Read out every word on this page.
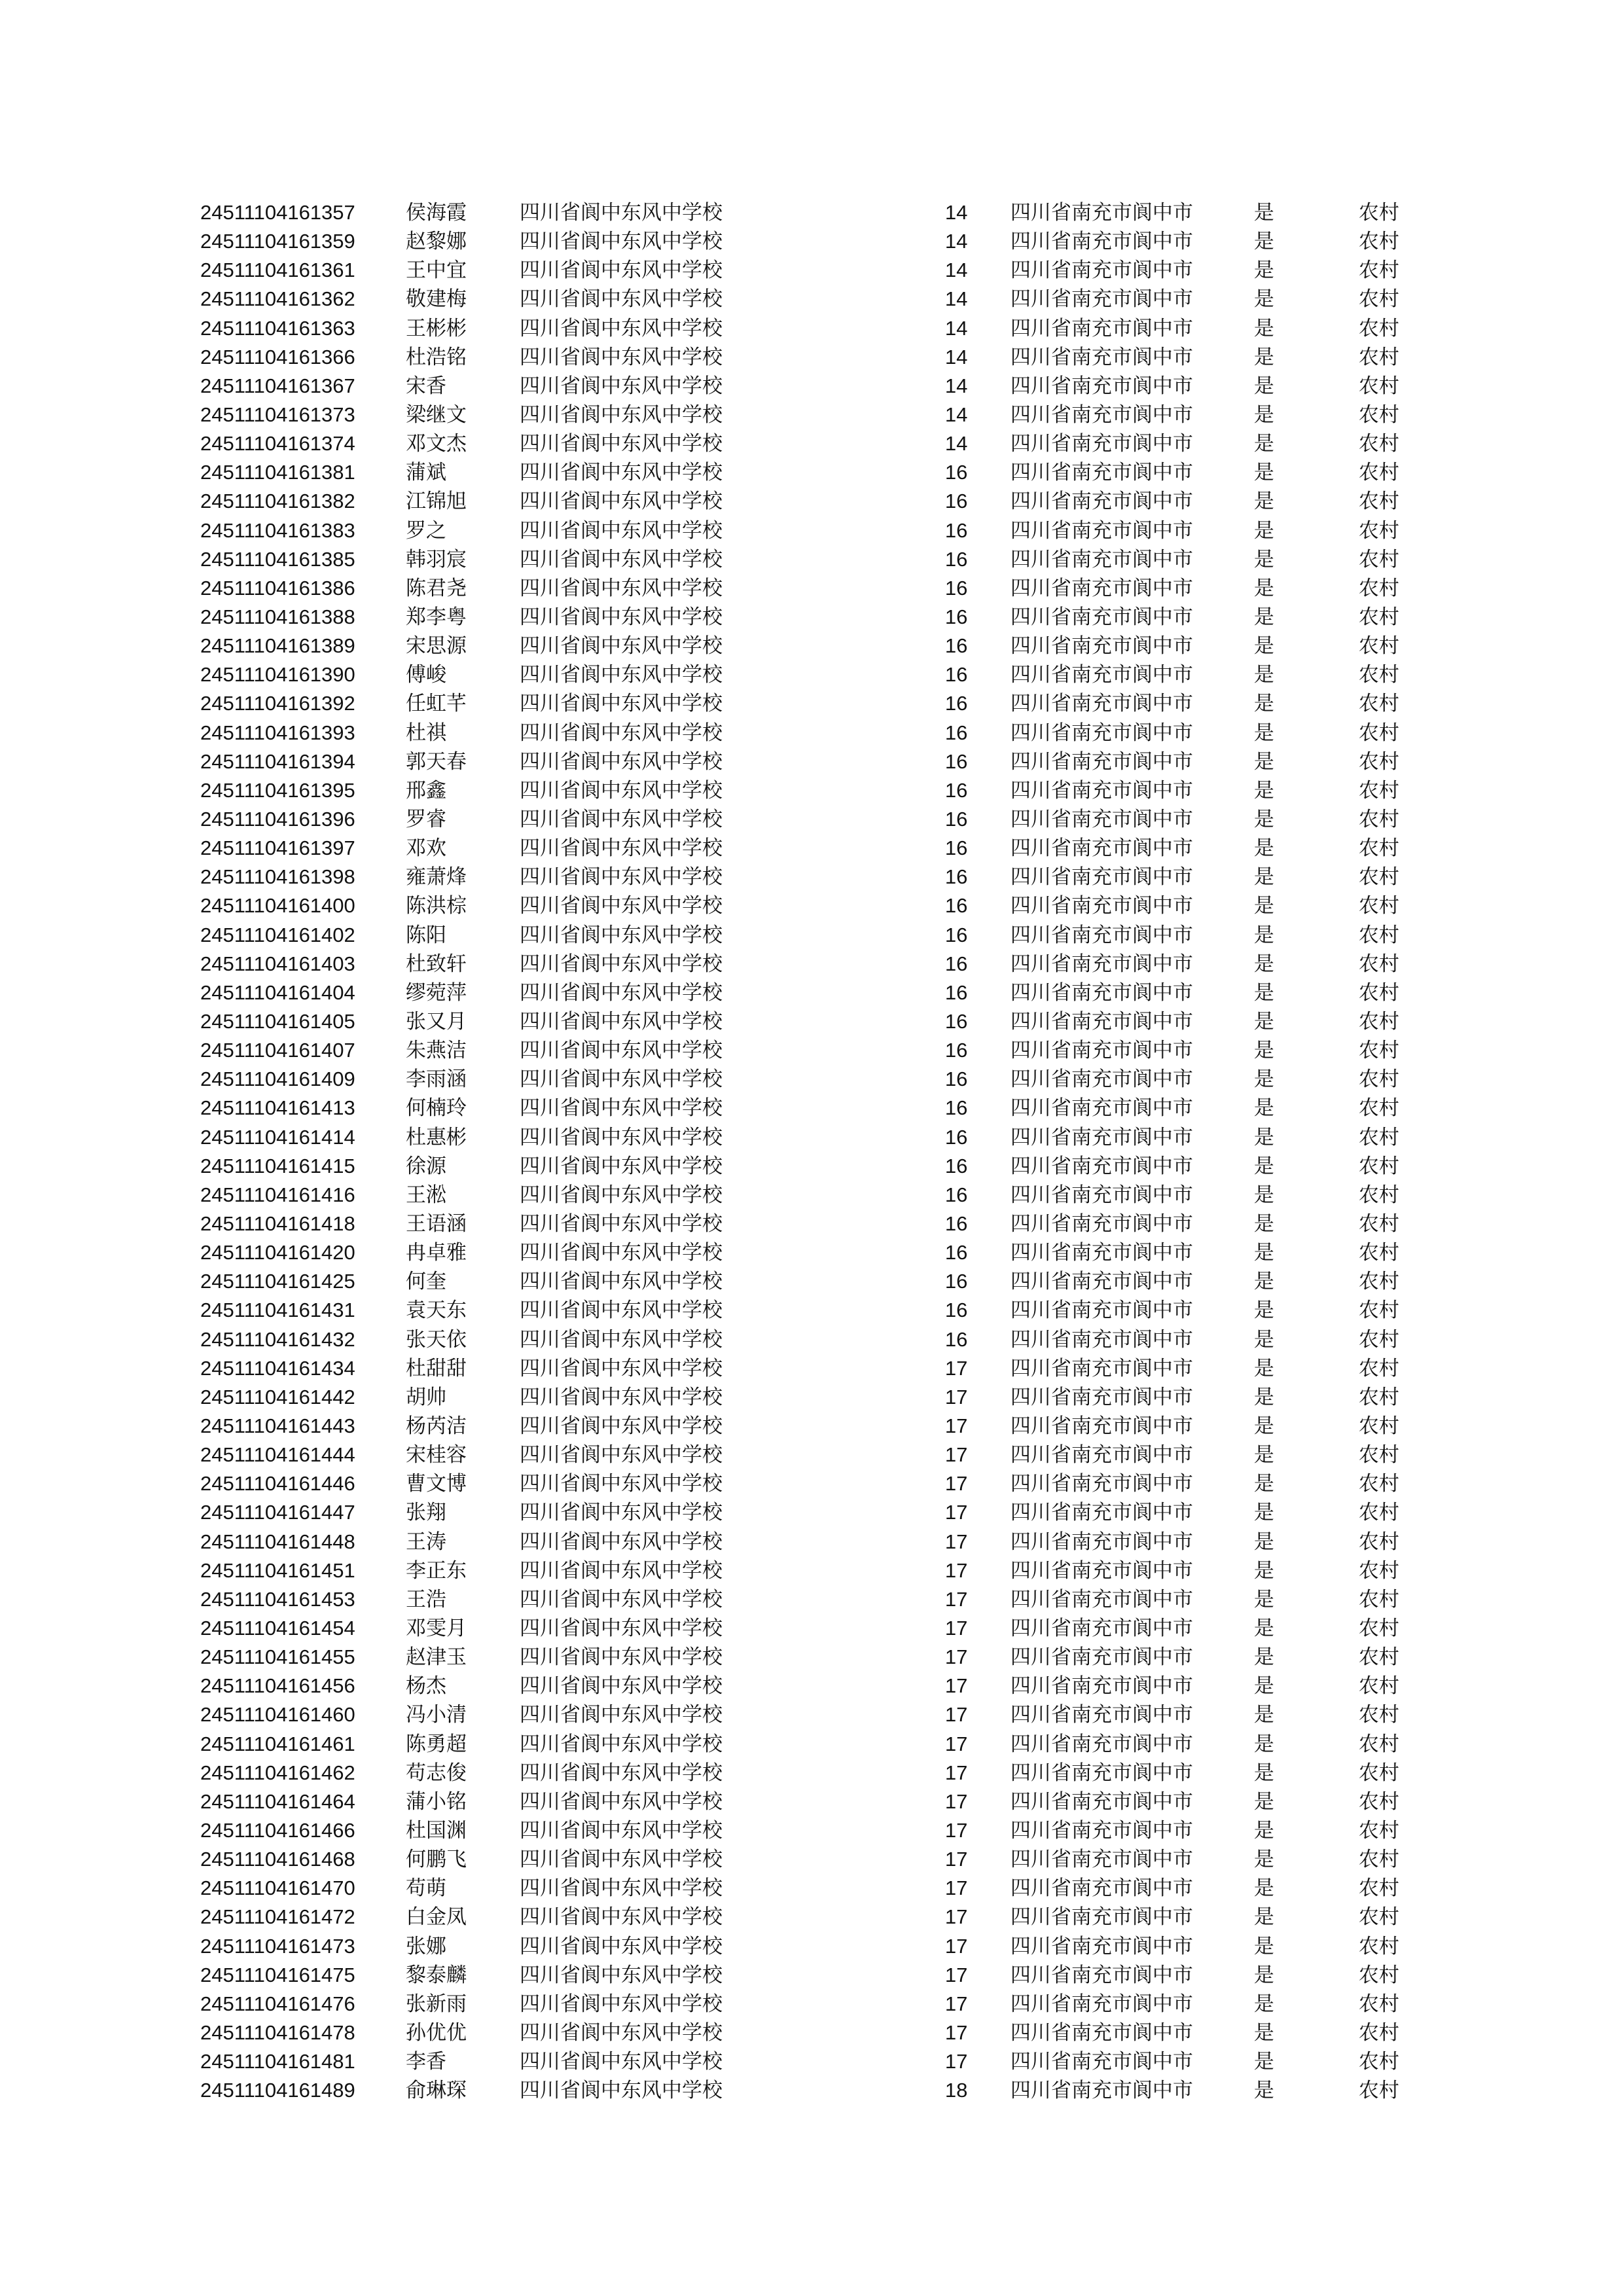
24511104161357	侯海霞	四川省阆中东风中学校	14	四川省南充市阆中市	是	农村
24511104161359	赵黎娜	四川省阆中东风中学校	14	四川省南充市阆中市	是	农村
24511104161361	王中宜	四川省阆中东风中学校	14	四川省南充市阆中市	是	农村
24511104161362	敬建梅	四川省阆中东风中学校	14	四川省南充市阆中市	是	农村
24511104161363	王彬彬	四川省阆中东风中学校	14	四川省南充市阆中市	是	农村
24511104161366	杜浩铭	四川省阆中东风中学校	14	四川省南充市阆中市	是	农村
24511104161367	宋香	四川省阆中东风中学校	14	四川省南充市阆中市	是	农村
24511104161373	梁继文	四川省阆中东风中学校	14	四川省南充市阆中市	是	农村
24511104161374	邓文杰	四川省阆中东风中学校	14	四川省南充市阆中市	是	农村
24511104161381	蒲斌	四川省阆中东风中学校	16	四川省南充市阆中市	是	农村
24511104161382	江锦旭	四川省阆中东风中学校	16	四川省南充市阆中市	是	农村
24511104161383	罗之	四川省阆中东风中学校	16	四川省南充市阆中市	是	农村
24511104161385	韩羽宸	四川省阆中东风中学校	16	四川省南充市阆中市	是	农村
24511104161386	陈君尧	四川省阆中东风中学校	16	四川省南充市阆中市	是	农村
24511104161388	郑李粤	四川省阆中东风中学校	16	四川省南充市阆中市	是	农村
24511104161389	宋思源	四川省阆中东风中学校	16	四川省南充市阆中市	是	农村
24511104161390	傅峻	四川省阆中东风中学校	16	四川省南充市阆中市	是	农村
24511104161392	任虹芊	四川省阆中东风中学校	16	四川省南充市阆中市	是	农村
24511104161393	杜祺	四川省阆中东风中学校	16	四川省南充市阆中市	是	农村
24511104161394	郭天春	四川省阆中东风中学校	16	四川省南充市阆中市	是	农村
24511104161395	邢鑫	四川省阆中东风中学校	16	四川省南充市阆中市	是	农村
24511104161396	罗睿	四川省阆中东风中学校	16	四川省南充市阆中市	是	农村
24511104161397	邓欢	四川省阆中东风中学校	16	四川省南充市阆中市	是	农村
24511104161398	雍萧烽	四川省阆中东风中学校	16	四川省南充市阆中市	是	农村
24511104161400	陈洪棕	四川省阆中东风中学校	16	四川省南充市阆中市	是	农村
24511104161402	陈阳	四川省阆中东风中学校	16	四川省南充市阆中市	是	农村
24511104161403	杜致轩	四川省阆中东风中学校	16	四川省南充市阆中市	是	农村
24511104161404	缪菀萍	四川省阆中东风中学校	16	四川省南充市阆中市	是	农村
24511104161405	张又月	四川省阆中东风中学校	16	四川省南充市阆中市	是	农村
24511104161407	朱燕洁	四川省阆中东风中学校	16	四川省南充市阆中市	是	农村
24511104161409	李雨涵	四川省阆中东风中学校	16	四川省南充市阆中市	是	农村
24511104161413	何楠玲	四川省阆中东风中学校	16	四川省南充市阆中市	是	农村
24511104161414	杜惠彬	四川省阆中东风中学校	16	四川省南充市阆中市	是	农村
24511104161415	徐源	四川省阆中东风中学校	16	四川省南充市阆中市	是	农村
24511104161416	王淞	四川省阆中东风中学校	16	四川省南充市阆中市	是	农村
24511104161418	王语涵	四川省阆中东风中学校	16	四川省南充市阆中市	是	农村
24511104161420	冉卓雅	四川省阆中东风中学校	16	四川省南充市阆中市	是	农村
24511104161425	何奎	四川省阆中东风中学校	16	四川省南充市阆中市	是	农村
24511104161431	袁天东	四川省阆中东风中学校	16	四川省南充市阆中市	是	农村
24511104161432	张天依	四川省阆中东风中学校	16	四川省南充市阆中市	是	农村
24511104161434	杜甜甜	四川省阆中东风中学校	17	四川省南充市阆中市	是	农村
24511104161442	胡帅	四川省阆中东风中学校	17	四川省南充市阆中市	是	农村
24511104161443	杨芮洁	四川省阆中东风中学校	17	四川省南充市阆中市	是	农村
24511104161444	宋桂容	四川省阆中东风中学校	17	四川省南充市阆中市	是	农村
24511104161446	曹文博	四川省阆中东风中学校	17	四川省南充市阆中市	是	农村
24511104161447	张翔	四川省阆中东风中学校	17	四川省南充市阆中市	是	农村
24511104161448	王涛	四川省阆中东风中学校	17	四川省南充市阆中市	是	农村
24511104161451	李正东	四川省阆中东风中学校	17	四川省南充市阆中市	是	农村
24511104161453	王浩	四川省阆中东风中学校	17	四川省南充市阆中市	是	农村
24511104161454	邓雯月	四川省阆中东风中学校	17	四川省南充市阆中市	是	农村
24511104161455	赵津玉	四川省阆中东风中学校	17	四川省南充市阆中市	是	农村
24511104161456	杨杰	四川省阆中东风中学校	17	四川省南充市阆中市	是	农村
24511104161460	冯小清	四川省阆中东风中学校	17	四川省南充市阆中市	是	农村
24511104161461	陈勇超	四川省阆中东风中学校	17	四川省南充市阆中市	是	农村
24511104161462	苟志俊	四川省阆中东风中学校	17	四川省南充市阆中市	是	农村
24511104161464	蒲小铭	四川省阆中东风中学校	17	四川省南充市阆中市	是	农村
24511104161466	杜国渊	四川省阆中东风中学校	17	四川省南充市阆中市	是	农村
24511104161468	何鹏飞	四川省阆中东风中学校	17	四川省南充市阆中市	是	农村
24511104161470	苟萌	四川省阆中东风中学校	17	四川省南充市阆中市	是	农村
24511104161472	白金凤	四川省阆中东风中学校	17	四川省南充市阆中市	是	农村
24511104161473	张娜	四川省阆中东风中学校	17	四川省南充市阆中市	是	农村
24511104161475	黎泰麟	四川省阆中东风中学校	17	四川省南充市阆中市	是	农村
24511104161476	张新雨	四川省阆中东风中学校	17	四川省南充市阆中市	是	农村
24511104161478	孙优优	四川省阆中东风中学校	17	四川省南充市阆中市	是	农村
24511104161481	李香	四川省阆中东风中学校	17	四川省南充市阆中市	是	农村
24511104161489	俞琳琛	四川省阆中东风中学校	18	四川省南充市阆中市	是	农村
